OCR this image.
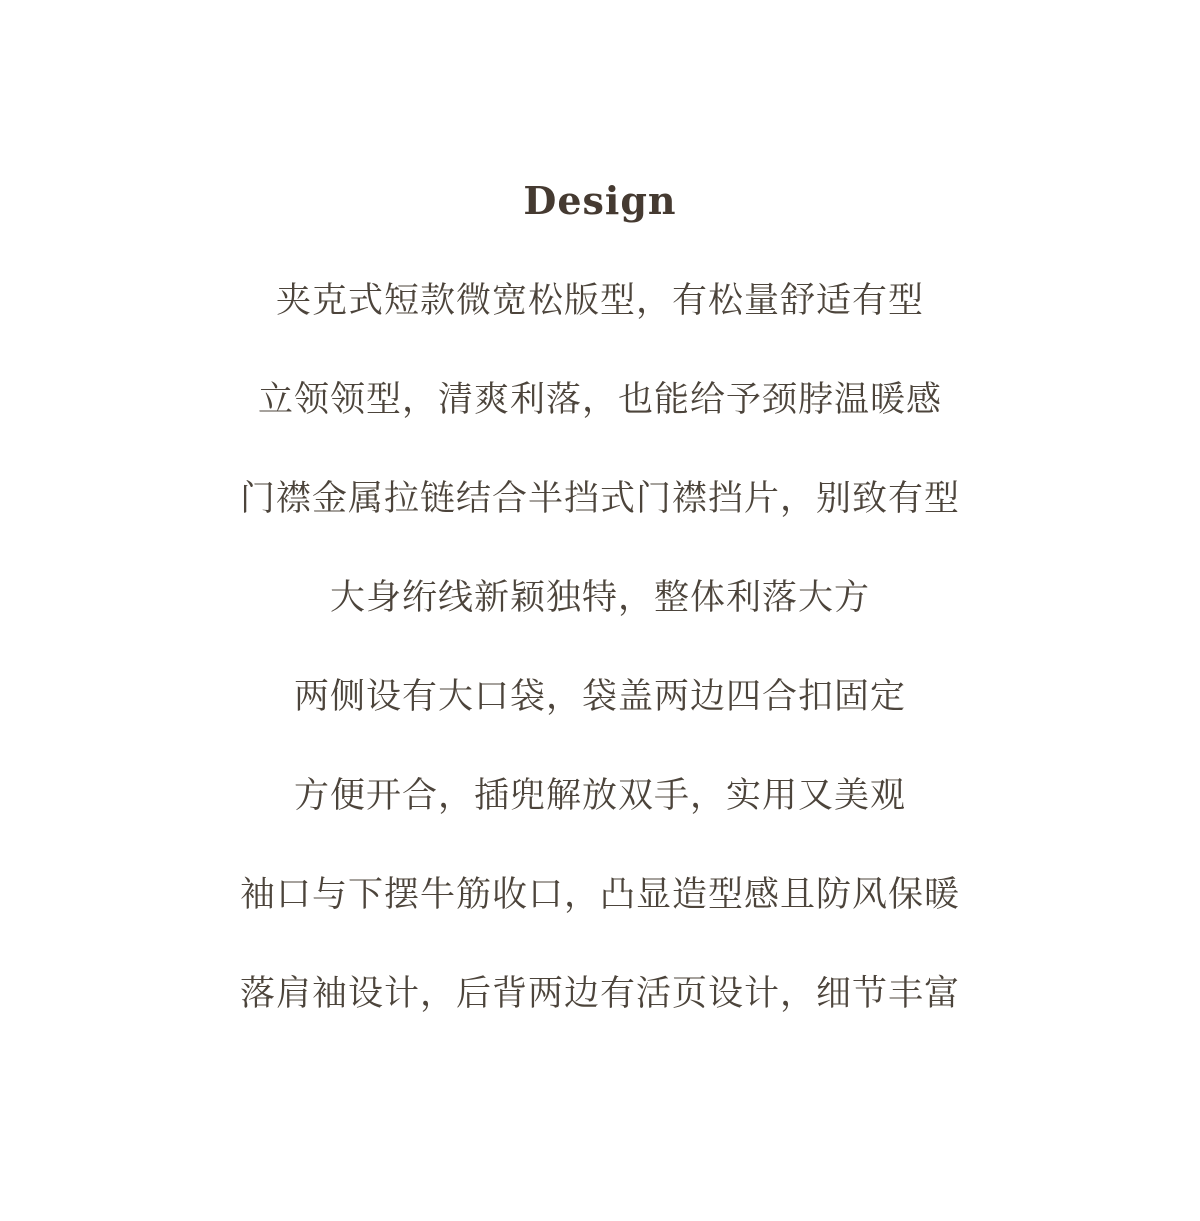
Design
夹克式短款微宽松版型，有松量舒适有型
立领领型，清爽利落，也能给予颈脖温暖感
门襟金属拉链结合半挡式门襟挡片，别致有型
大身绗线新颖独特，整体利落大方
两侧设有大口袋，袋盖两边四合扣固定
方便开合，插兜解放双手，实用又美观
袖口与下摆牛筋收口，凸显造型感且防风保暖
落肩袖设计，后背两边有活页设计，细节丰富
